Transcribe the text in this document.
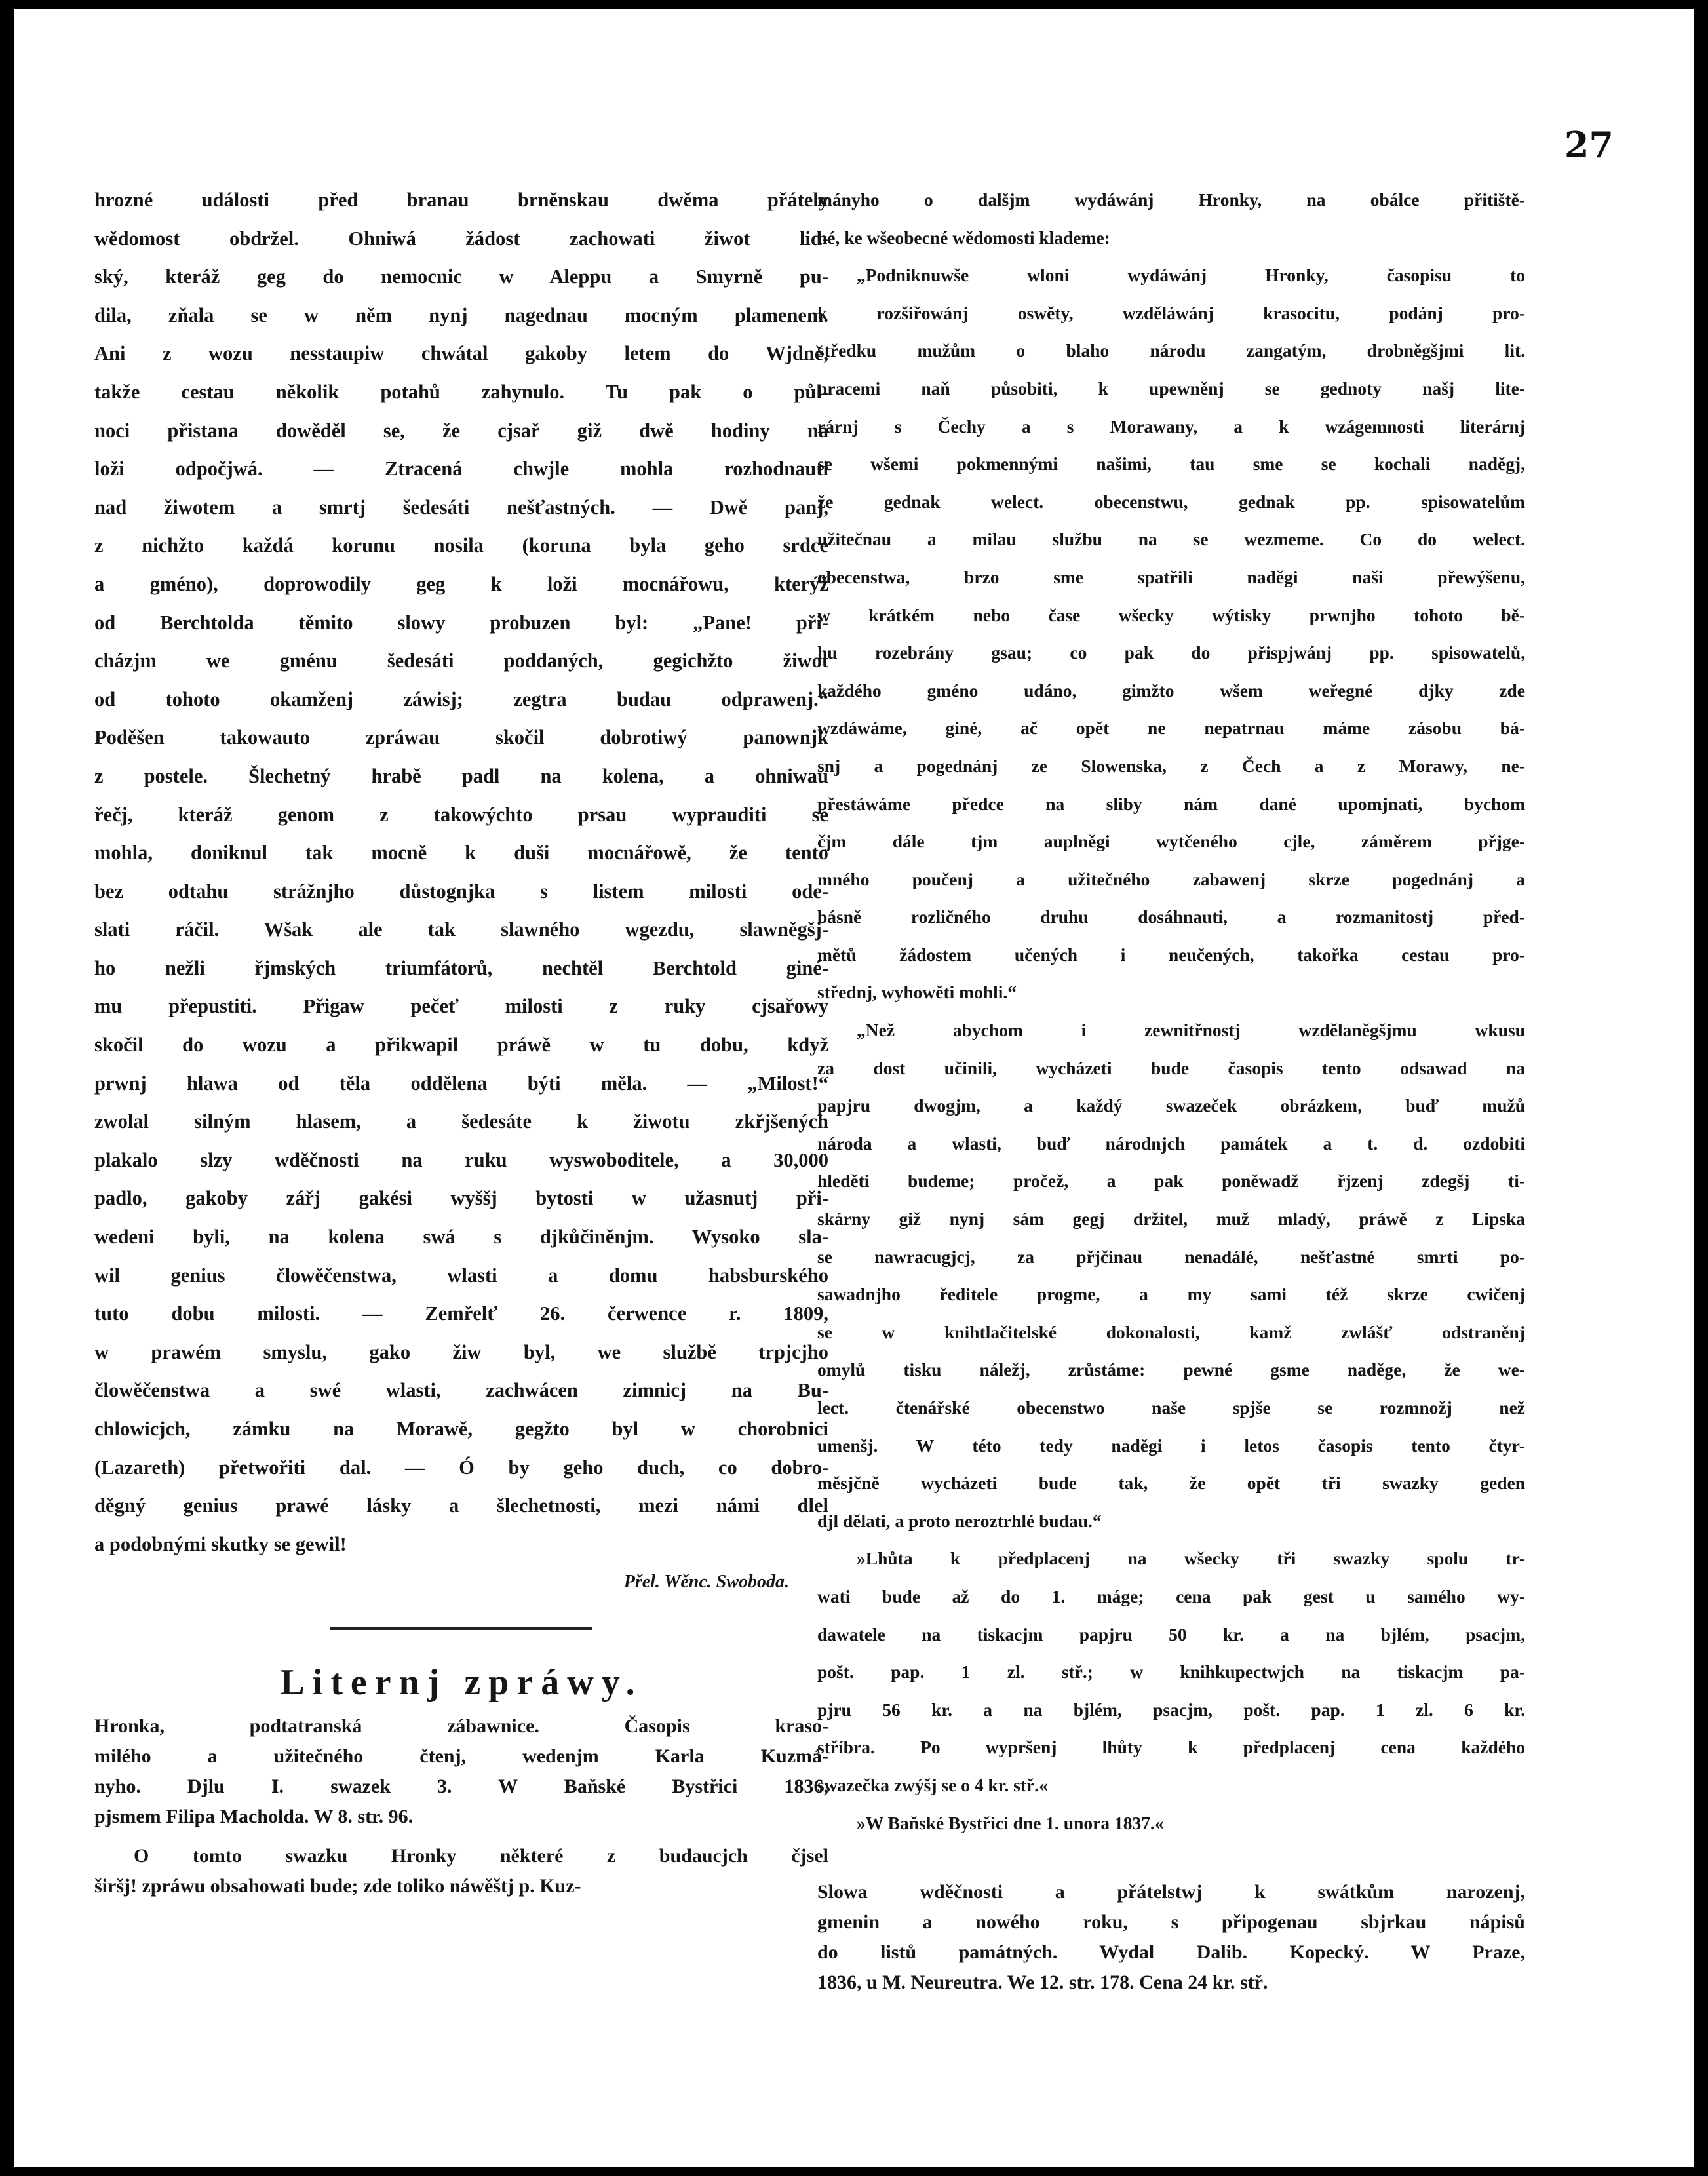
27

hrozné události před branau brněnskau dwěma přátely

wědomost obdržel. Ohniwá žádost zachowati žiwot lid-

ský, kteráž geg do nemocnic w Aleppu a Smyrně pu-

dila, zňala se w něm nynj nagednau mocným plamenem.

Ani z wozu nesstaupiw chwátal gakoby letem do Wjdně,

takže cestau několik potahů zahynulo. Tu pak o půl-

noci přistana dowěděl se, že cjsař giž dwě hodiny na

loži odpočjwá. — Ztracená chwjle mohla rozhodnauti

nad žiwotem a smrtj šedesáti nešťastných. — Dwě panj,

z nichžto každá korunu nosila (koruna byla geho srdce

a gméno), doprowodily geg k loži mocnářowu, kterýž

od Berchtolda těmito slowy probuzen byl: „Pane! při-

cházjm we gménu šedesáti poddaných, gegichžto žiwot

od tohoto okamženj záwisj; zegtra budau odprawenj.“

Poděšen takowauto zpráwau skočil dobrotiwý panownjk

z postele. Šlechetný hrabě padl na kolena, a ohniwau

řečj, kteráž genom z takowýchto prsau wyprauditi se

mohla, doniknul tak mocně k duši mocnářowě, že tento

bez odtahu strážnjho důstognjka s listem milosti ode-

slati ráčil. Wšak ale tak slawného wgezdu, slawněgšj-

ho nežli řjmských triumfátorů, nechtěl Berchtold giné-

mu přepustiti. Přigaw pečeť milosti z ruky cjsařowy

skočil do wozu a přikwapil práwě w tu dobu, když

prwnj hlawa od těla oddělena býti měla. — „Milost!“

zwolal silným hlasem, a šedesáte k žiwotu zkřjšených

plakalo slzy wděčnosti na ruku wyswoboditele, a 30,000

padlo, gakoby zářj gakési wyššj bytosti w užasnutj při-

wedeni byli, na kolena swá s djkůčiněnjm. Wysoko sla-

wil genius člowěčenstwa, wlasti a domu habsburského

tuto dobu milosti. — Zemřelť 26. čerwence r. 1809,

w prawém smyslu, gako žiw byl, we službě trpjcjho

člowěčenstwa a swé wlasti, zachwácen zimnicj na Bu-

chlowicjch, zámku na Morawě, gegžto byl w chorobnici

(Lazareth) přetwořiti dal. — Ó by geho duch, co dobro-

děgný genius prawé lásky a šlechetnosti, mezi námi dlel

a podobnými skutky se gewil!

Přel. Wěnc. Swoboda.

Liternj zpráwy.

Hronka, podtatranská zábawnice. Časopis kraso-

milého a užitečného čtenj, wedenjm Karla Kuzmá-

nyho. Djlu I. swazek 3. W Baňské Bystřici 1836,

pjsmem Filipa Macholda. W 8. str. 96.

O tomto swazku Hronky některé z budaucjch čjsel

širšj! zpráwu obsahowati bude; zde toliko náwěštj p. Kuz-

mányho o dalšjm wydáwánj Hronky, na obálce přitiště-

né, ke wšeobecné wědomosti klademe:

„Podniknuwše wloni wydáwánj Hronky, časopisu to

k rozšiřowánj oswěty, wzděláwánj krasocitu, podánj pro-

středku mužům o blaho národu zangatým, drobněgšjmi lit.

pracemi naň působiti, k upewněnj se gednoty našj lite-

rárnj s Čechy a s Morawany, a k wzágemnosti literárnj

se wšemi pokmennými našimi, tau sme se kochali naděgj,

že gednak welect. obecenstwu, gednak pp. spisowatelům

užitečnau a milau službu na se wezmeme. Co do welect.

obecenstwa, brzo sme spatřili naděgi naši přewýšenu,

w krátkém nebo čase wšecky wýtisky prwnjho tohoto bě-

hu rozebrány gsau; co pak do přispjwánj pp. spisowatelů,

každého gméno udáno, gimžto wšem weřegné djky zde

wzdáwáme, giné, ač opět ne nepatrnau máme zásobu bá-

snj a pogednánj ze Slowenska, z Čech a z Morawy, ne-

přestáwáme předce na sliby nám dané upomjnati, bychom

čjm dále tjm auplněgi wytčeného cjle, záměrem přjge-

mného poučenj a užitečného zabawenj skrze pogednánj a

básně rozličného druhu dosáhnauti, a rozmanitostj před-

mětů žádostem učených i neučených, takořka cestau pro-

střednj, wyhowěti mohli.“

„Než abychom i zewnitřnostj wzdělaněgšjmu wkusu

za dost učinili, wycházeti bude časopis tento odsawad na

papjru dwogjm, a každý swazeček obrázkem, buď mužů

národa a wlasti, buď národnjch památek a t. d. ozdobiti

hleděti budeme; pročež, a pak poněwadž řjzenj zdegšj ti-

skárny giž nynj sám gegj držitel, muž mladý, práwě z Lipska

se nawracugjcj, za přjčinau nenadálé, nešťastné smrti po-

sawadnjho ředitele progme, a my sami též skrze cwičenj

se w knihtlačitelské dokonalosti, kamž zwlášť odstraněnj

omylů tisku náležj, zrůstáme: pewné gsme naděge, že we-

lect. čtenářské obecenstwo naše spjše se rozmnožj než

umenšj. W této tedy naděgi i letos časopis tento čtyr-

měsjčně wycházeti bude tak, že opět tři swazky geden

djl dělati, a proto neroztrhlé budau.“

»Lhůta k předplacenj na wšecky tři swazky spolu tr-

wati bude až do 1. máge; cena pak gest u samého wy-

dawatele na tiskacjm papjru 50 kr. a na bjlém, psacjm,

pošt. pap. 1 zl. stř.; w knihkupectwjch na tiskacjm pa-

pjru 56 kr. a na bjlém, psacjm, pošt. pap. 1 zl. 6 kr.

stříbra. Po wypršenj lhůty k předplacenj cena každého

swazečka zwýšj se o 4 kr. stř.«

»W Baňské Bystřici dne 1. unora 1837.«

Slowa wděčnosti a přátelstwj k swátkům narozenj,

gmenin a nowého roku, s připogenau sbjrkau nápisů

do listů památných. Wydal Dalib. Kopecký. W Praze,

1836, u M. Neureutra. We 12. str. 178. Cena 24 kr. stř.
